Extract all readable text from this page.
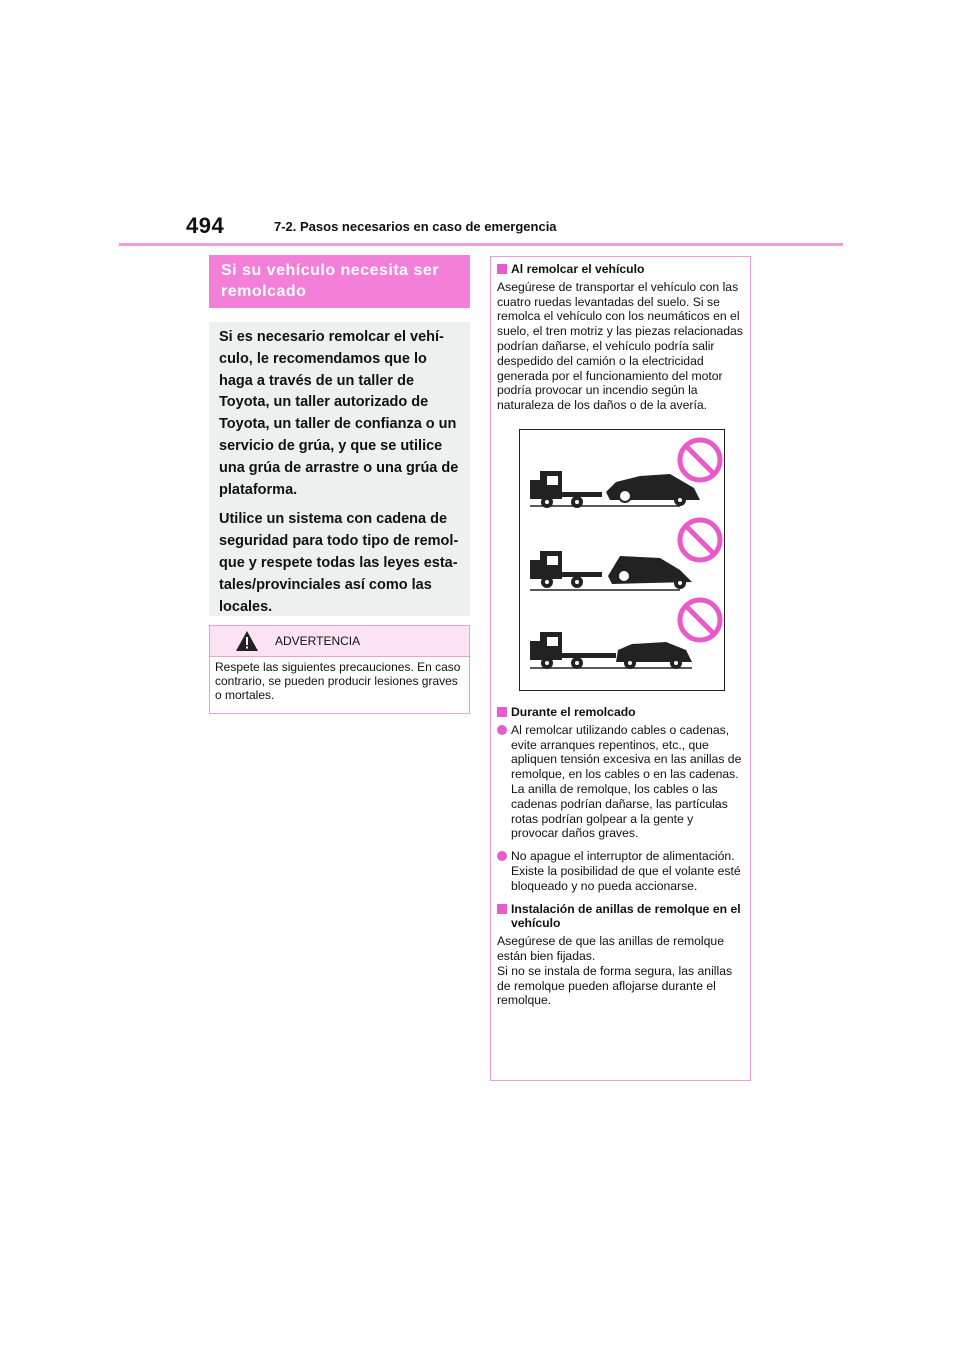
494	7-2. Pasos necesarios en caso de emergencia
Si su vehículo necesita ser remolcado

Si es necesario remolcar el vehículo, le recomendamos que lo haga a través de un taller de Toyota, un taller autorizado de Toyota, un taller de confianza o un servicio de grúa, y que se utilice una grúa de arrastre o una grúa de plataforma.

Utilice un sistema con cadena de seguridad para todo tipo de remolque y respete todas las leyes estatales/provinciales así como las locales.

ADVERTENCIA
Respete las siguientes precauciones. En caso contrario, se pueden producir lesiones graves o mortales.

Al remolcar el vehículo

Asegúrese de transportar el vehículo con las cuatro ruedas levantadas del suelo. Si se remolca el vehículo con los neumáticos en el suelo, el tren motriz y las piezas relacionadas podrían dañarse, el vehículo podría salir despedido del camión o la electricidad generada por el funcionamiento del motor podría provocar un incendio según la naturaleza de los daños o de la avería.

Durante el remolcado

Al remolcar utilizando cables o cadenas, evite arranques repentinos, etc., que apliquen tensión excesiva en las anillas de remolque, en los cables o en las cadenas. La anilla de remolque, los cables o las cadenas podrían dañarse, las partículas rotas podrían golpear a la gente y provocar daños graves.

No apague el interruptor de alimentación.
Existe la posibilidad de que el volante esté bloqueado y no pueda accionarse.

Instalación de anillas de remolque en el vehículo

Asegúrese de que las anillas de remolque están bien fijadas.
Si no se instala de forma segura, las anillas de remolque pueden aflojarse durante el remolque.
